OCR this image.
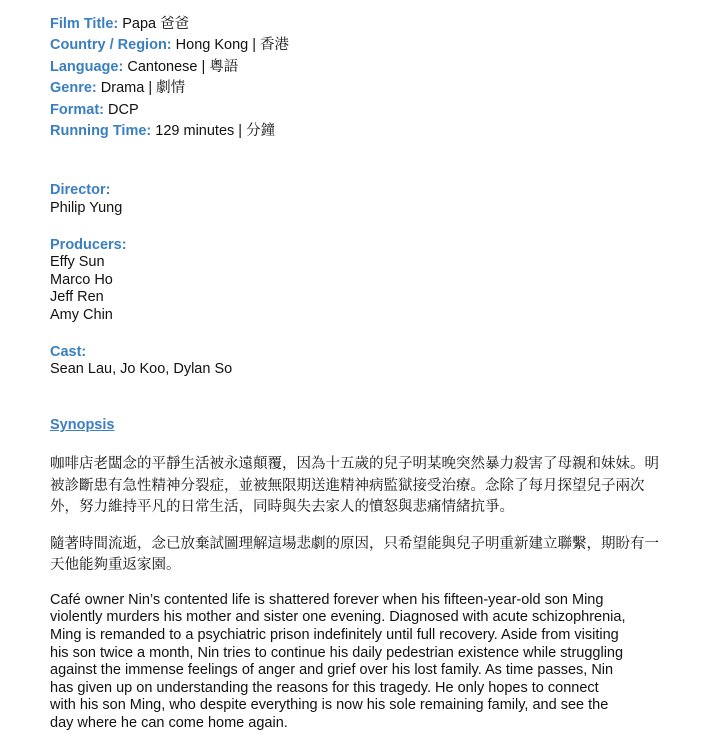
Film Title: Papa 爸爸
Country / Region: Hong Kong | 香港
Language: Cantonese | 粵語
Genre: Drama | 劇情
Format: DCP
Running Time: 129 minutes | 分鐘
Director:
Philip Yung
Producers:
Effy Sun
Marco Ho
Jeff Ren
Amy Chin
Cast:
Sean Lau, Jo Koo, Dylan So
Synopsis

咖啡店老闆念的平靜生活被永遠顛覆，因為十五歲的兒子明某晚突然暴力殺害了母親和妹妹。明被診斷患有急性精神分裂症，並被無限期送進精神病監獄接受治療。念除了每月探望兒子兩次外，努力維持平凡的日常生活，同時與失去家人的憤怒與悲痛情緒抗爭。

隨著時間流逝，念已放棄試圖理解這場悲劇的原因，只希望能與兒子明重新建立聯繫，期盼有一天他能夠重返家園。

Café owner Nin’s contented life is shattered forever when his fifteen-year-old son Ming
violently murders his mother and sister one evening. Diagnosed with acute schizophrenia,
Ming is remanded to a psychiatric prison indefinitely until full recovery. Aside from visiting
his son twice a month, Nin tries to continue his daily pedestrian existence while struggling
against the immense feelings of anger and grief over his lost family. As time passes, Nin
has given up on understanding the reasons for this tragedy. He only hopes to connect
with his son Ming, who despite everything is now his sole remaining family, and see the
day where he can come home again.
